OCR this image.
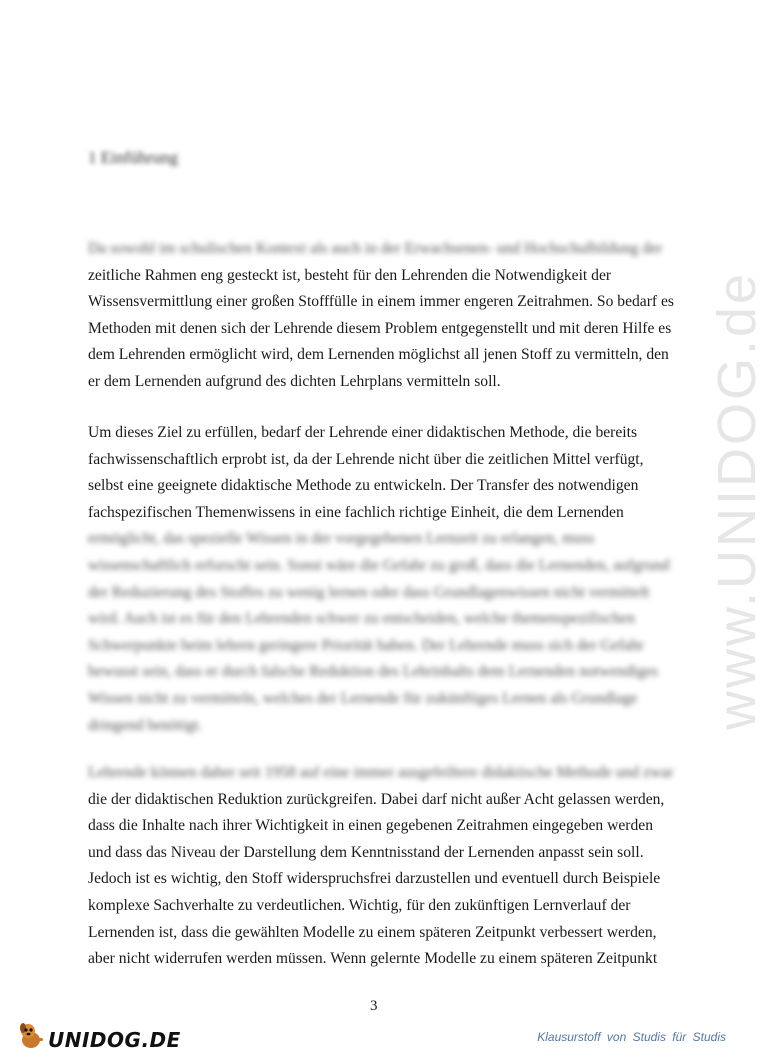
www.UNIDOG.de
1 Einführung
Da sowohl im schulischen Kontext als auch in der Erwachsenen- und Hochschulbildung der
zeitliche Rahmen eng gesteckt ist, besteht für den Lehrenden die Notwendigkeit der
Wissensvermittlung einer großen Stofffülle in einem immer engeren Zeitrahmen. So bedarf es
Methoden mit denen sich der Lehrende diesem Problem entgegenstellt und mit deren Hilfe es
dem Lehrenden ermöglicht wird, dem Lernenden möglichst all jenen Stoff zu vermitteln, den
er dem Lernenden aufgrund des dichten Lehrplans vermitteln soll.
Um dieses Ziel zu erfüllen, bedarf der Lehrende einer didaktischen Methode, die bereits
fachwissenschaftlich erprobt ist, da der Lehrende nicht über die zeitlichen Mittel verfügt,
selbst eine geeignete didaktische Methode zu entwickeln. Der Transfer des notwendigen
fachspezifischen Themenwissens in eine fachlich richtige Einheit, die dem Lernenden
ermöglicht, das spezielle Wissen in der vorgegebenen Lernzeit zu erlangen, muss
wissenschaftlich erforscht sein. Sonst wäre die Gefahr zu groß, dass die Lernenden, aufgrund
der Reduzierung des Stoffes zu wenig lernen oder dass Grundlagenwissen nicht vermittelt
wird. Auch ist es für den Lehrenden schwer zu entscheiden, welche themenspezifischen
Schwerpunkte beim lehren geringere Priorität haben. Der Lehrende muss sich der Gefahr
bewusst sein, dass er durch falsche Reduktion des Lehrinhalts dem Lernenden notwendiges
Wissen nicht zu vermitteln, welches der Lernende für zukünftiges Lernen als Grundlage
dringend benötigt.
Lehrende können daher seit 1958 auf eine immer ausgefeiltere didaktische Methode und zwar
die der didaktischen Reduktion zurückgreifen. Dabei darf nicht außer Acht gelassen werden,
dass die Inhalte nach ihrer Wichtigkeit in einen gegebenen Zeitrahmen eingegeben werden
und dass das Niveau der Darstellung dem Kenntnisstand der Lernenden anpasst sein soll.
Jedoch ist es wichtig, den Stoff widerspruchsfrei darzustellen und eventuell durch Beispiele
komplexe Sachverhalte zu verdeutlichen. Wichtig, für den zukünftigen Lernverlauf der
Lernenden ist, dass die gewählten Modelle zu einem späteren Zeitpunkt verbessert werden,
aber nicht widerrufen werden müssen. Wenn gelernte Modelle zu einem späteren Zeitpunkt
3
UNIDOG.DE	Klausurstoff von Studis für Studis
